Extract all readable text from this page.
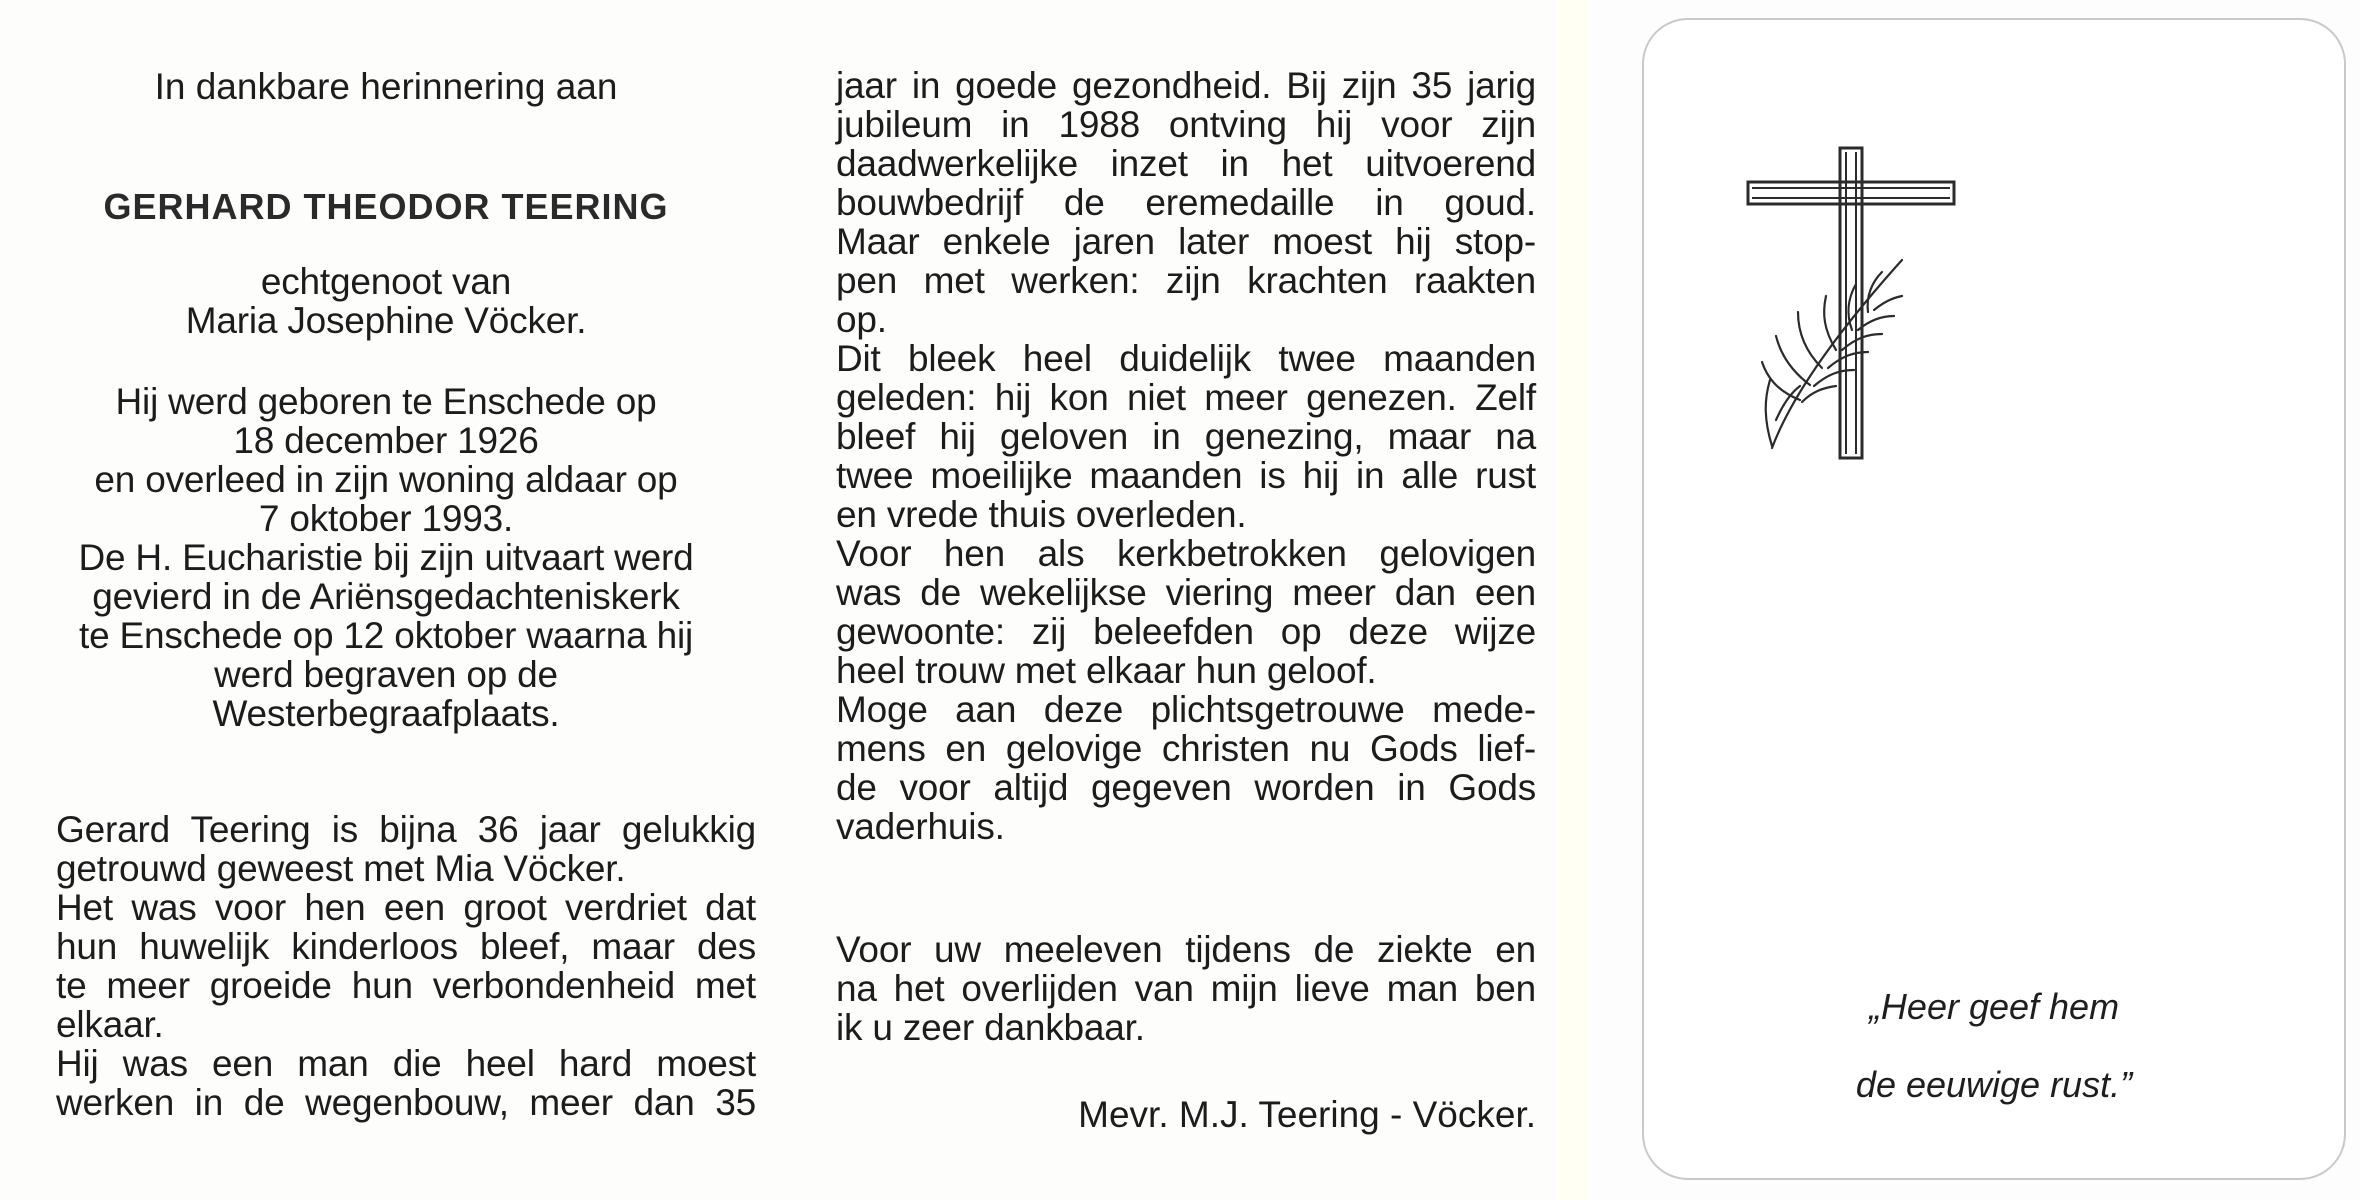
In dankbare herinnering aan
GERHARD THEODOR TEERING
echtgenoot van
Maria Josephine Vöcker.
Hij werd geboren te Enschede op
18 december 1926
en overleed in zijn woning aldaar op
7 oktober 1993.
De H. Eucharistie bij zijn uitvaart werd
gevierd in de Ariënsgedachteniskerk
te Enschede op 12 oktober waarna hij
werd begraven op de
Westerbegraafplaats.
Gerard Teering is bijna 36 jaar gelukkig
getrouwd geweest met Mia Vöcker.
Het was voor hen een groot verdriet dat
hun huwelijk kinderloos bleef, maar des
te meer groeide hun verbondenheid met
elkaar.
Hij was een man die heel hard moest
werken in de wegenbouw, meer dan 35
jaar in goede gezondheid. Bij zijn 35 jarig
jubileum in 1988 ontving hij voor zijn
daadwerkelijke inzet in het uitvoerend
bouwbedrijf de eremedaille in goud.
Maar enkele jaren later moest hij stop-
pen met werken: zijn krachten raakten
op.
Dit bleek heel duidelijk twee maanden
geleden: hij kon niet meer genezen. Zelf
bleef hij geloven in genezing, maar na
twee moeilijke maanden is hij in alle rust
en vrede thuis overleden.
Voor hen als kerkbetrokken gelovigen
was de wekelijkse viering meer dan een
gewoonte: zij beleefden op deze wijze
heel trouw met elkaar hun geloof.
Moge aan deze plichtsgetrouwe mede-
mens en gelovige christen nu Gods lief-
de voor altijd gegeven worden in Gods
vaderhuis.
Voor uw meeleven tijdens de ziekte en
na het overlijden van mijn lieve man ben
ik u zeer dankbaar.
Mevr. M.J. Teering - Vöcker.
„Heer geef hem
de eeuwige rust.”
